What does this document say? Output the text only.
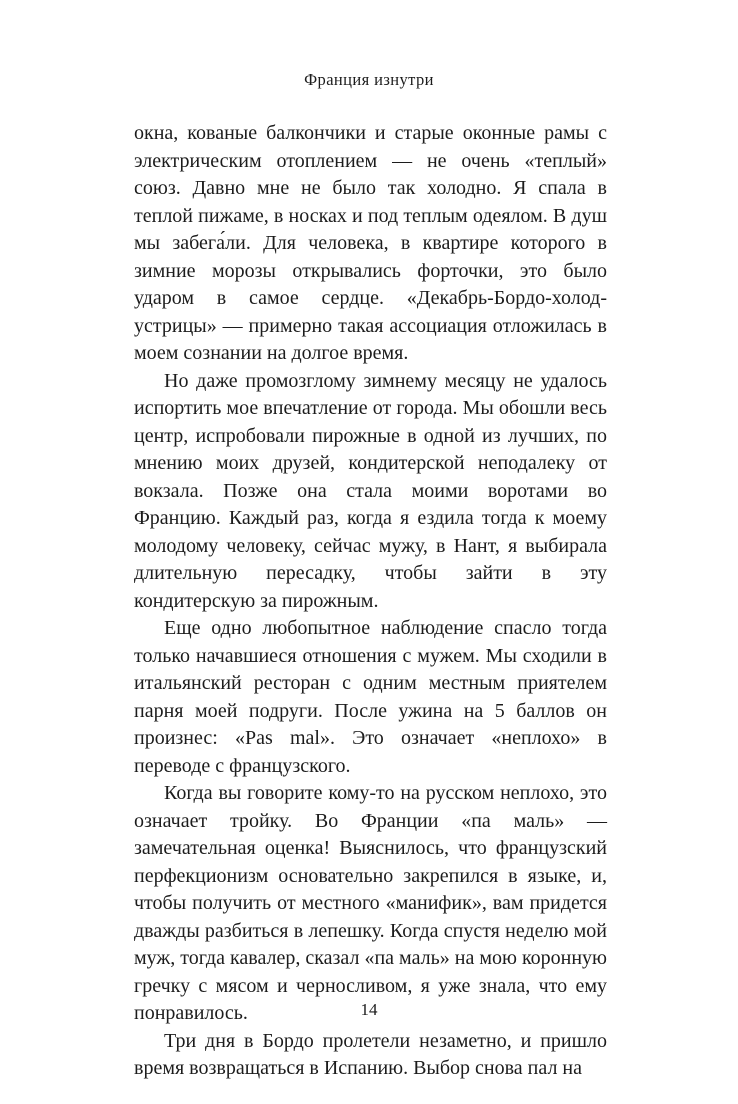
Франция изнутри

окна, кованые балкончики и старые оконные рамы с электрическим отоплением — не очень «теплый» союз. Давно мне не было так холодно. Я спала в теплой пижаме, в носках и под теплым одеялом. В душ мы забега́ли. Для человека, в квартире которого в зимние морозы открывались форточки, это было ударом в самое сердце. «Декабрь-Бордо-холод-устрицы» — примерно такая ассоциация отложилась в моем сознании на долгое время.

Но даже промозглому зимнему месяцу не удалось испортить мое впечатление от города. Мы обошли весь центр, испробовали пирожные в одной из лучших, по мнению моих друзей, кондитерской неподалеку от вокзала. Позже она стала моими воротами во Францию. Каждый раз, когда я ездила тогда к моему молодому человеку, сейчас мужу, в Нант, я выбирала длительную пересадку, чтобы зайти в эту кондитерскую за пирожным.

Еще одно любопытное наблюдение спасло тогда только начавшиеся отношения с мужем. Мы сходили в итальянский ресторан с одним местным приятелем парня моей подруги. После ужина на 5 баллов он произнес: «Pas mal». Это означает «неплохо» в переводе с французского.

Когда вы говорите кому-то на русском неплохо, это означает тройку. Во Франции «па маль» — замечательная оценка! Выяснилось, что французский перфекционизм основательно закрепился в языке, и, чтобы получить от местного «манифик», вам придется дважды разбиться в лепешку. Когда спустя неделю мой муж, тогда кавалер, сказал «па маль» на мою коронную гречку с мясом и черносливом, я уже знала, что ему понравилось.

Три дня в Бордо пролетели незаметно, и пришло время возвращаться в Испанию. Выбор снова пал на

14
